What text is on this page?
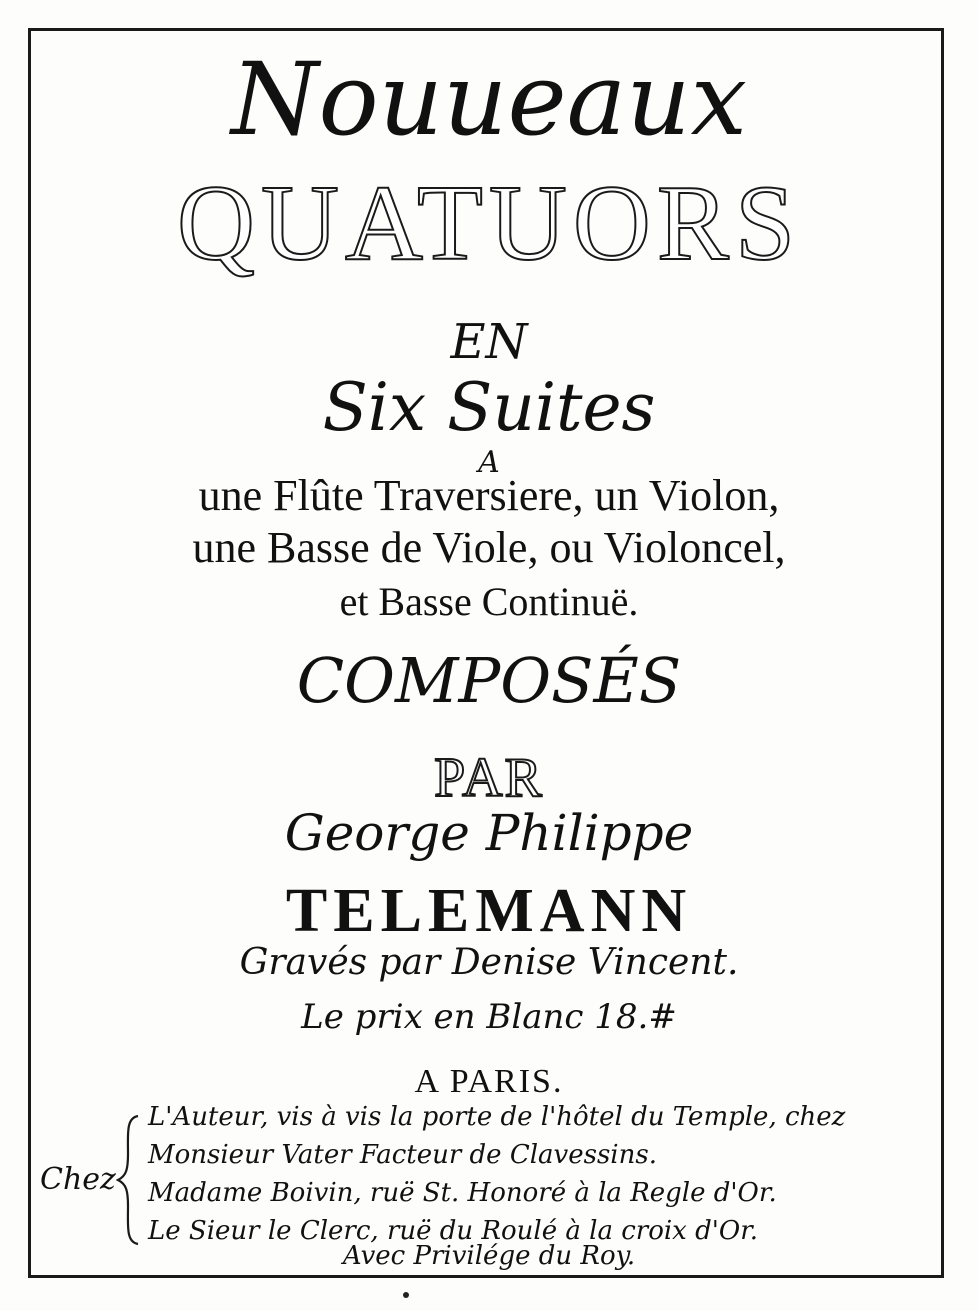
Nouueaux
QUATUORS
EN
Six Suites
A
une Flûte Traversiere, un Violon,
une Basse de Viole, ou Violoncel,
et Basse Continuë.
COMPOSÉS
PAR
George Philippe
TELEMANN
Gravés par Denise Vincent.
Le prix en Blanc 18.#
A PARIS.
Chez
L'Auteur, vis à vis la porte de l'hôtel du Temple, chez
Monsieur Vater Facteur de Clavessins.
Madame Boivin, ruë St. Honoré à la Regle d'Or.
Le Sieur le Clerc, ruë du Roulé à la croix d'Or.
Avec Privilége du Roy.
